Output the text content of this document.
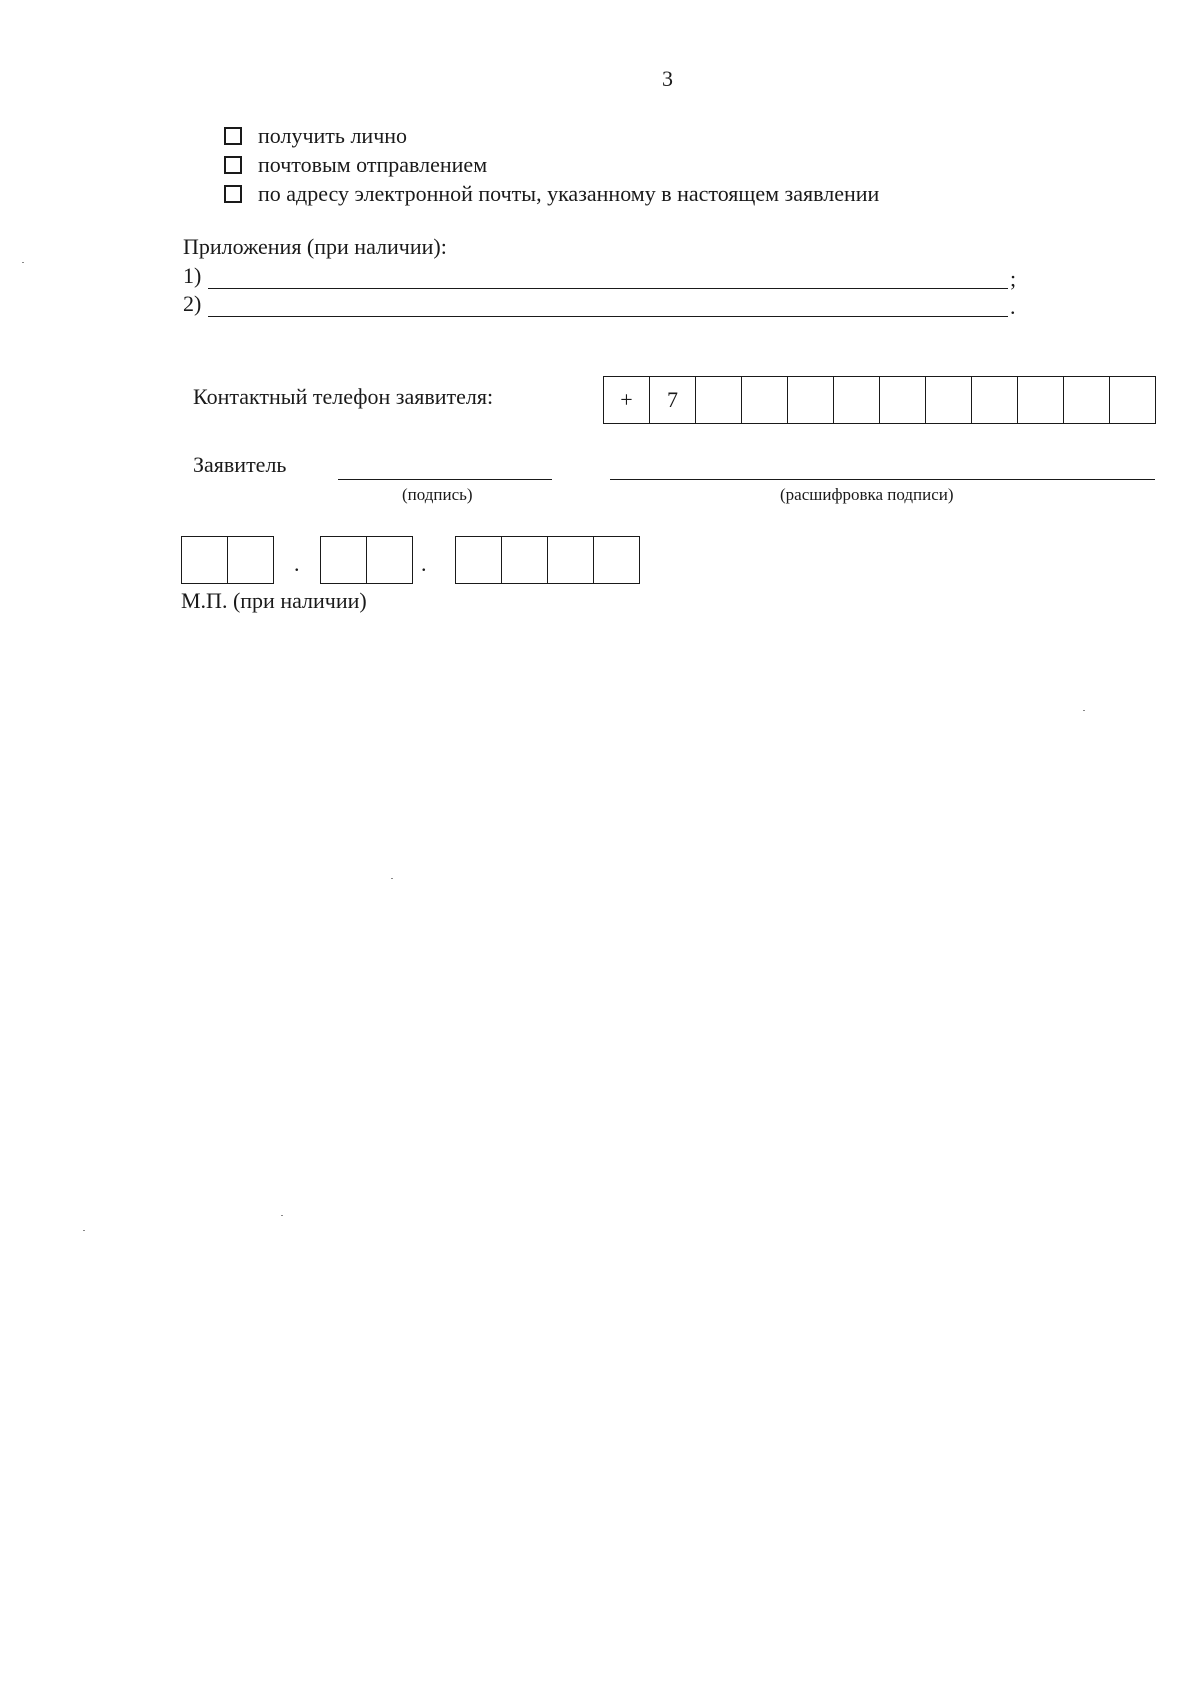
3
получить лично
почтовым отправлением
по адресу электронной почты, указанному в настоящем заявлении
Приложения (при наличии):
1)	;
2)	.
Контактный телефон заявителя:	+	7
Заявитель
(подпись)	(расшифровка подписи)
.	.
М.П. (при наличии)
